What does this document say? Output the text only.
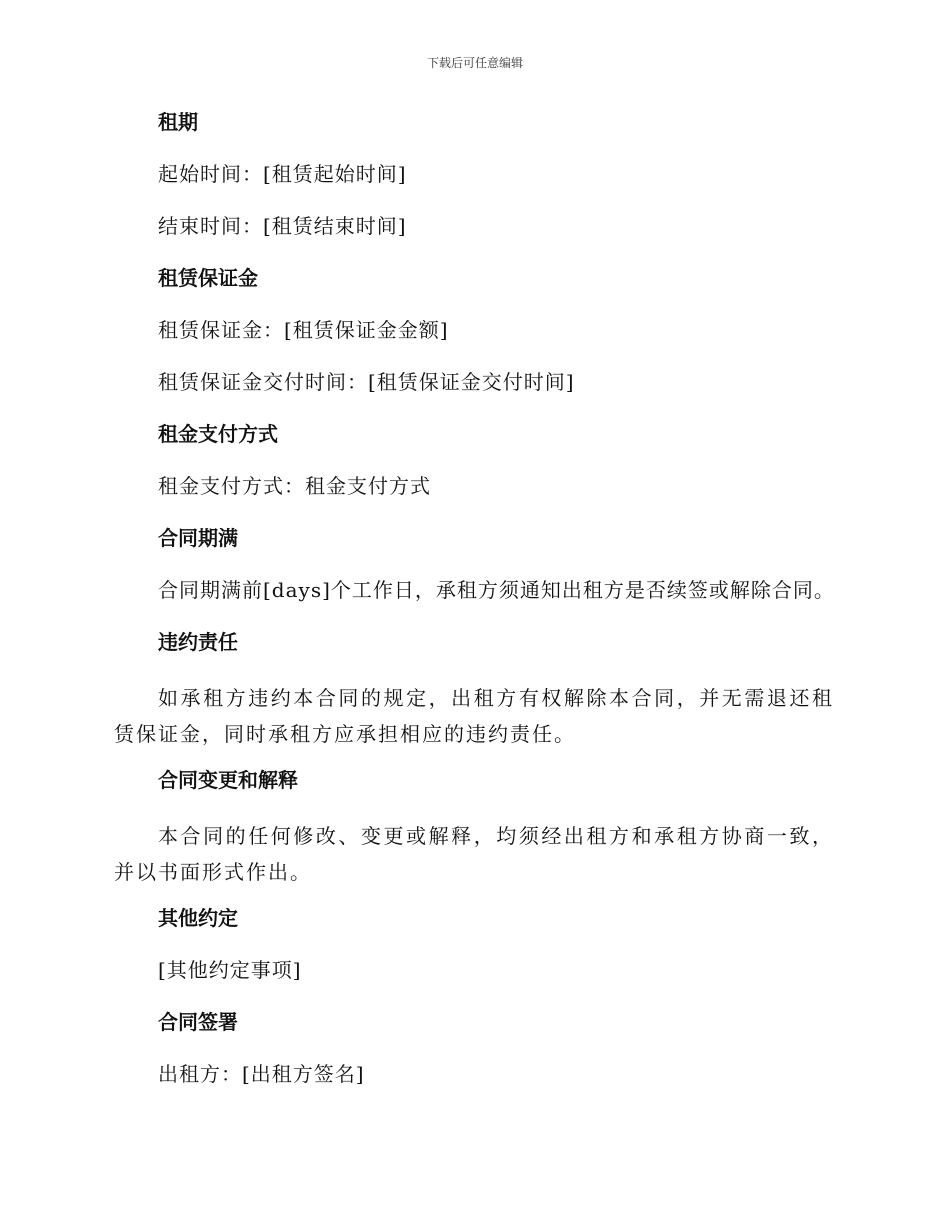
下载后可任意编辑
租期
起始时间：[租赁起始时间]
结束时间：[租赁结束时间]
租赁保证金
租赁保证金：[租赁保证金金额]
租赁保证金交付时间：[租赁保证金交付时间]
租金支付方式
租金支付方式：租金支付方式
合同期满
合同期满前[days]个工作日，承租方须通知出租方是否续签或解除合同。
违约责任
如承租方违约本合同的规定，出租方有权解除本合同，并无需退还租赁保证金，同时承租方应承担相应的违约责任。
合同变更和解释
本合同的任何修改、变更或解释，均须经出租方和承租方协商一致，并以书面形式作出。
其他约定
[其他约定事项]
合同签署
出租方：[出租方签名]
